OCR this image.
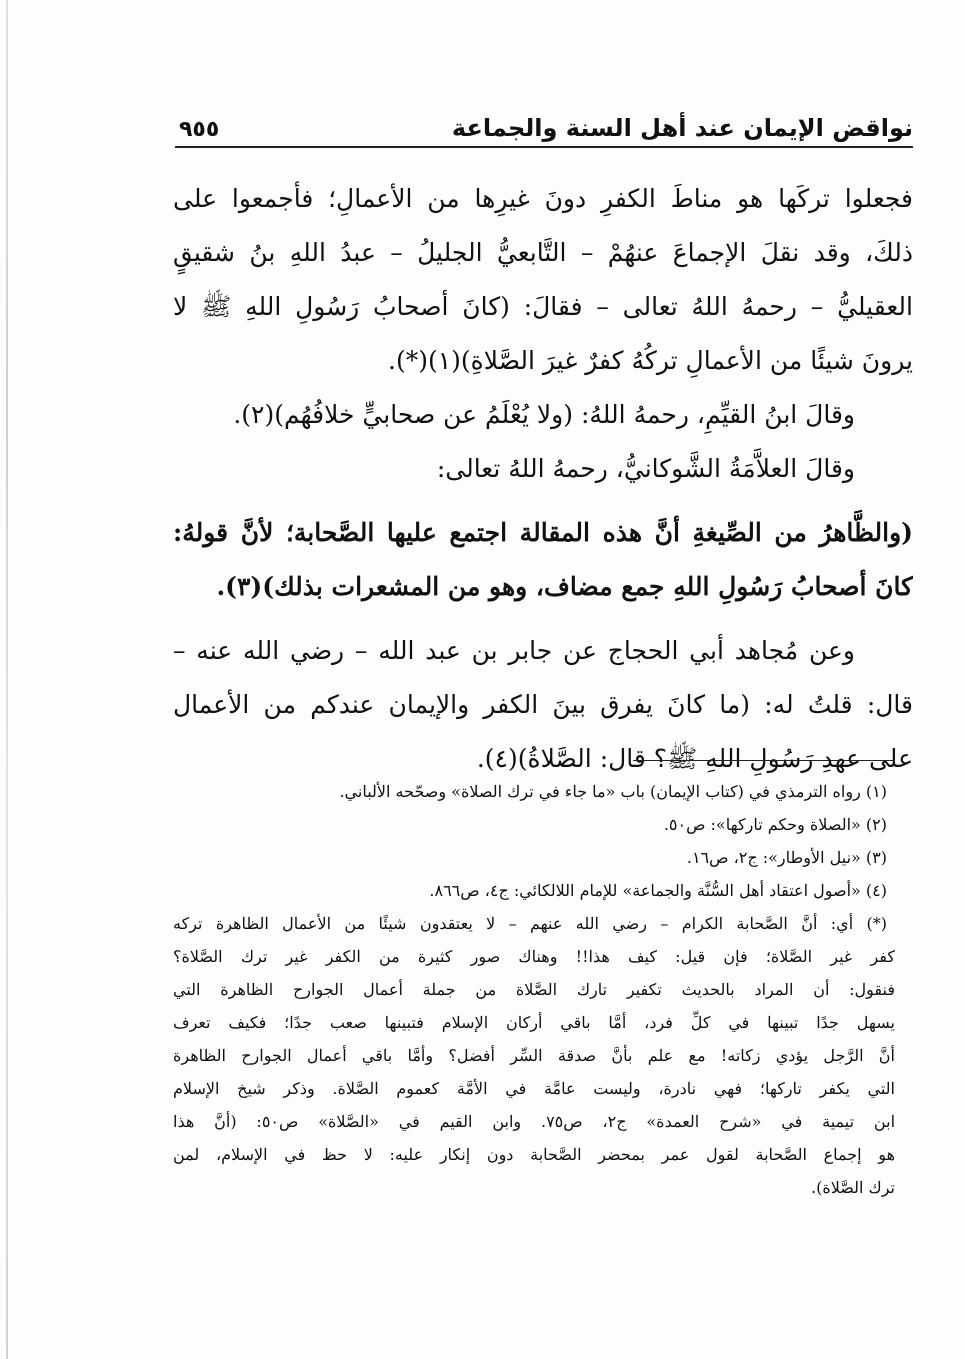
نواقض الإيمان عند أهل السنة والجماعة
٩٥٥
فجعلوا تركَها هو مناطَ الكفرِ دونَ غيرِها من الأعمالِ؛ فأجمعوا على
ذلكَ، وقد نقلَ الإجماعَ عنهُمْ – التَّابعيُّ الجليلُ – عبدُ اللهِ بنُ شقيقٍ
العقيليُّ – رحمهُ اللهُ تعالى – فقالَ: (كانَ أصحابُ رَسُولِ اللهِ ﷺ لا
يرونَ شيئًا من الأعمالِ تركُهُ كفرٌ غيرَ الصَّلاةِ)(١)(*).
وقالَ ابنُ القيِّمِ، رحمهُ اللهُ: (ولا يُعْلَمُ عن صحابيٍّ خلافُهُم)(٢).
وقالَ العلاَّمَةُ الشَّوكانيُّ، رحمهُ اللهُ تعالى:
(والظَّاهرُ من الصِّيغةِ أنَّ هذه المقالة اجتمع عليها الصَّحابة؛ لأنَّ قولهُ:
كانَ أصحابُ رَسُولِ اللهِ جمع مضاف، وهو من المشعرات بذلك)(٣).
وعن مُجاهد أبي الحجاج عن جابر بن عبد الله – رضي الله عنه –
قال: قلتُ له: (ما كانَ يفرق بينَ الكفر والإيمان عندكم من الأعمال
على عهدِ رَسُولِ اللهِ ﷺ؟ قال: الصَّلاةُ)(٤).
(١) رواه الترمذي في (كتاب الإيمان) باب «ما جاء في ترك الصلاة» وصحّحه الألباني.
(٢) «الصلاة وحكم تاركها»: ص٥٠.
(٣) «نيل الأوطار»: ج٢، ص١٦.
(٤) «أصول اعتقاد أهل السُّنَّة والجماعة» للإمام اللالكائي: ج٤، ص٨٦٦.
(*) أي: أنَّ الصَّحابة الكرام – رضي الله عنهم – لا يعتقدون شيئًا من الأعمال الظاهرة تركه
كفر غير الصَّلاة؛ فإن قيل: كيف هذا!! وهناك صور كثيرة من الكفر غير ترك الصَّلاة؟
فنقول: أن المراد بالحديث تكفير تارك الصَّلاة من جملة أعمال الجوارح الظاهرة التي
يسهل جدًا تبينها في كلِّ فرد، أمَّا باقي أركان الإسلام فتبينها صعب جدًا؛ فكيف تعرف
أنَّ الرَّجل يؤدي زكاته! مع علم بأنَّ صدقة السِّر أفضل؟ وأمَّا باقي أعمال الجوارح الظاهرة
التي يكفر تاركها؛ فهي نادرة، وليست عامَّة في الأمَّة كعموم الصَّلاة. وذكر شيخ الإسلام
ابن تيمية في «شرح العمدة» ج٢، ص٧٥. وابن القيم في «الصَّلاة» ص٥٠: (أنَّ هذا
هو إجماع الصَّحابة لقول عمر بمحضر الصَّحابة دون إنكار عليه: لا حظ في الإسلام، لمن
ترك الصَّلاة).
